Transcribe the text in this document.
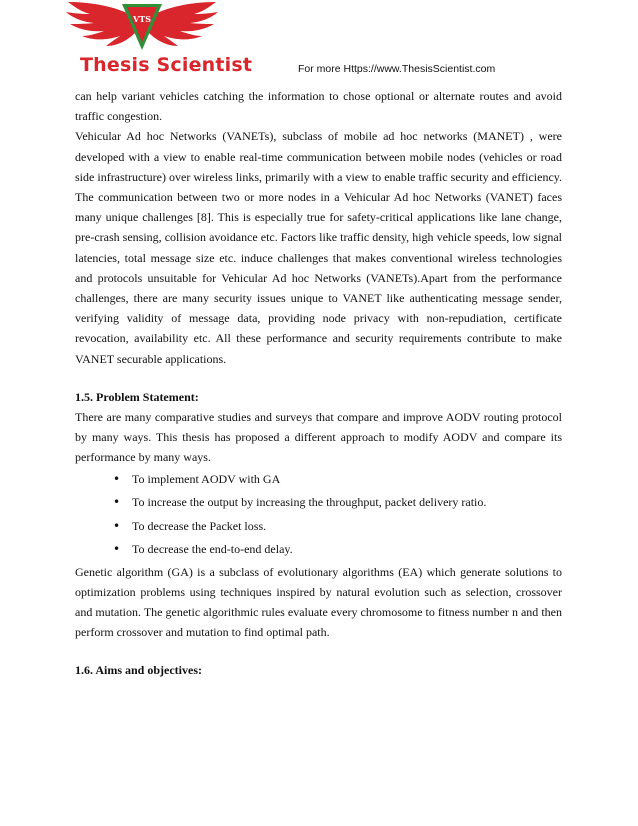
VTS
Thesis Scientist	For more Https://www.ThesisScientist.com

can help variant vehicles catching the information to chose optional or alternate routes and avoid traffic congestion.

Vehicular Ad hoc Networks (VANETs), subclass of mobile ad hoc networks (MANET) , were developed with a view to enable real-time communication between mobile nodes (vehicles or road side infrastructure) over wireless links, primarily with a view to enable traffic security and efficiency. The communication between two or more nodes in a Vehicular Ad hoc Networks (VANET) faces many unique challenges [8]. This is especially true for safety-critical applications like lane change, pre-crash sensing, collision avoidance etc. Factors like traffic density, high vehicle speeds, low signal latencies, total message size etc. induce challenges that makes conventional wireless technologies and protocols unsuitable for Vehicular Ad hoc Networks (VANETs).Apart from the performance challenges, there are many security issues unique to VANET like authenticating message sender, verifying validity of message data, providing node privacy with non-repudiation, certificate revocation, availability etc. All these performance and security requirements contribute to make VANET securable applications.

1.5. Problem Statement:

There are many comparative studies and surveys that compare and improve AODV routing protocol by many ways. This thesis has proposed a different approach to modify AODV and compare its performance by many ways.

• To implement AODV with GA
• To increase the output by increasing the throughput, packet delivery ratio.
• To decrease the Packet loss.
• To decrease the end-to-end delay.

Genetic algorithm (GA) is a subclass of evolutionary algorithms (EA) which generate solutions to optimization problems using techniques inspired by natural evolution such as selection, crossover and mutation. The genetic algorithmic rules evaluate every chromosome to fitness number n and then perform crossover and mutation to find optimal path.

1.6. Aims and objectives:
